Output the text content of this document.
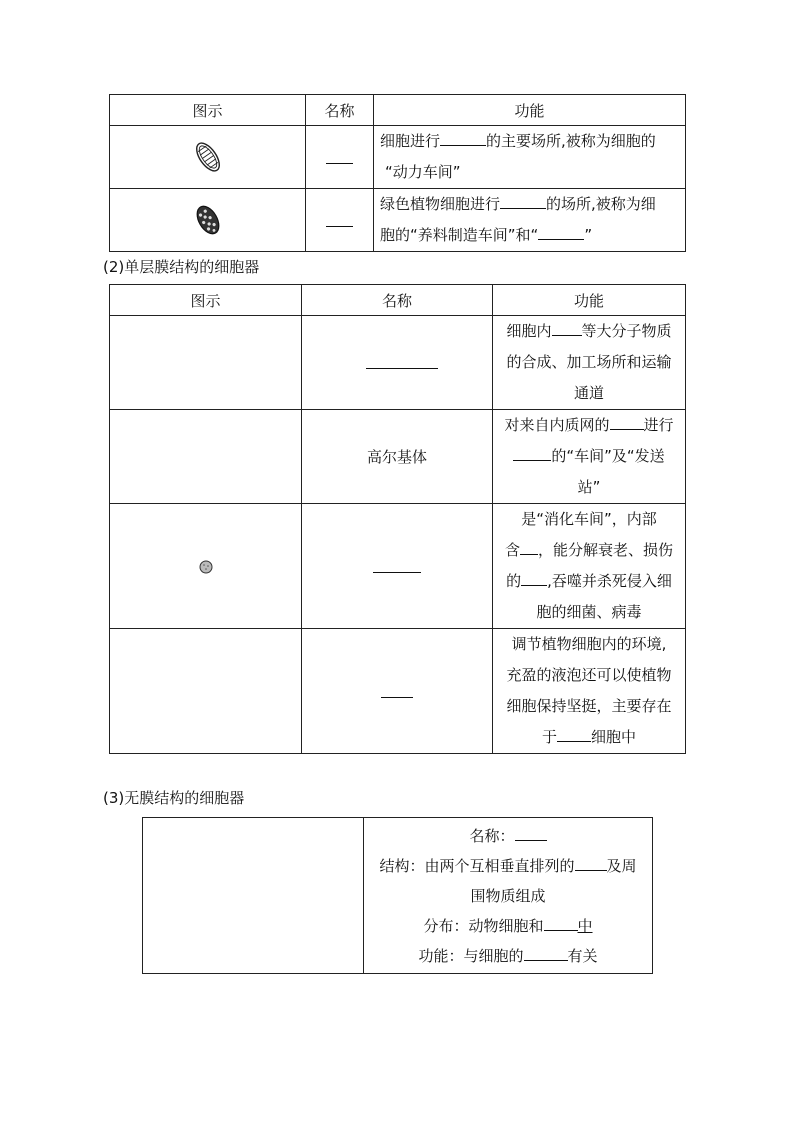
图示	名称	功能
		细胞进行 的主要场所,被称为细胞的
“动力车间”
		绿色植物细胞进行 的场所,被称为细
胞的“养料制造车间”和“ ”
(2)单层膜结构的细胞器
图示	名称	功能
		细胞内 等大分子物质
的合成、加工场所和运输
通道
	高尔基体	对来自内质网的 进行
的“车间”及“发送
站”
		是“消化车间”，内部
含 ，能分解衰老、损伤
的 ,吞噬并杀死侵入细
胞的细菌、病毒
		调节植物细胞内的环境,
充盈的液泡还可以使植物
细胞保持坚挺，主要存在
于 细胞中
(3)无膜结构的细胞器
	名称：
结构：由两个互相垂直排列的 及周
围物质组成
分布：动物细胞和 中
功能：与细胞的	有关
